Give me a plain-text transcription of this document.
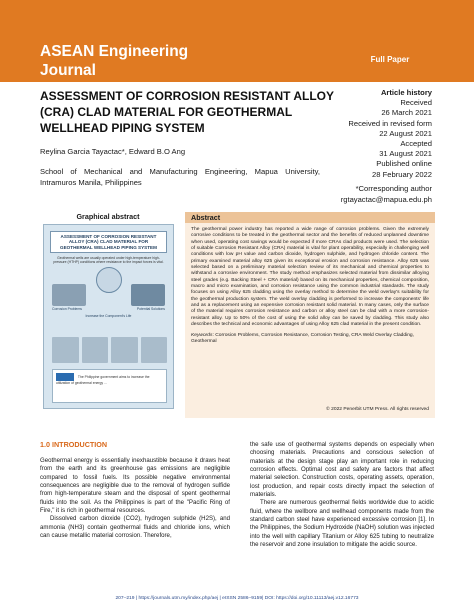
ASEAN Engineering
Journal
Full Paper
ASSESSMENT OF CORROSION RESISTANT ALLOY (CRA) CLAD MATERIAL FOR GEOTHERMAL WELLHEAD PIPING SYSTEM
Reylina Garcia Tayactac*, Edward B.O Ang
School of Mechanical and Manufacturing Engineering, Mapua University, Intramuros Manila, Philippines
Article history
Received
26 March 2021
Received in revised form
22 August 2021
Accepted
31 August 2021
Published online
28 February 2022
*Corresponding author
rgtayactac@mapua.edu.ph
Graphical abstract
ASSESSMENT OF CORROSION RESISTANT ALLOY (CRA) CLAD MATERIAL FOR GEOTHERMAL WELLHEAD PIPING SYSTEM
Geothermal wells are usually operated under high-temperature high-pressure (HTHP) conditions where resistance to the impact forces is vital.
Corrosion Problems	Potential Solutions
Increase the Component's Life
The Philippine government aims to increase the utilization of geothermal energy ...
Abstract
The geothermal power industry has reported a wide range of corrosion problems. Given the extremely corrosive conditions to be treated in the geothermal sector and the benefits of reduced unplanned downtime when used, operating cost savings would be expected if more CRAs clad products were used. The selection of suitable Corrosion Resistant Alloy (CRA) material is vital for plant operability, especially in challenging well conditions with low pH value and carbon dioxide, hydrogen sulphide, and hydrogen chloride content. The primary examined material alloy 625 given its exceptional erosion and corrosion resistance. Alloy 625 was selected based on a preliminary material selection review of its mechanical and chemical properties to withstand a corrosive environment. The study method emphasizes selected material from dissimilar alloying steel grades (e.g. Backing Steel + CRA material) based on its mechanical properties, chemical composition, macro and micro examination, and corrosion resistance using the common industrial standards. The study focuses on using Alloy 625 cladding using the overlay method to determine the weld overlay's suitability for the geothermal production system. The weld overlay cladding is performed to increase the components' life and as a replacement using an expensive corrosion resistant solid material. In many cases, only the surface of the material requires corrosion resistance and carbon or alloy steel can be clad with a more corrosion-resistant alloy. Up to 50% of the cost of using the solid alloy can be saved by cladding. This study also describes the technical and economic advantages of using Alloy 625 clad material in the present condition.
Keywords: Corrosion Problems, Corrosion Resistance, Corrosion Testing, CRA Weld Overlay Cladding, Geothermal
© 2022 Penerbit UTM Press. All rights reserved
1.0 INTRODUCTION

Geothermal energy is essentially inexhaustible because it draws heat from the earth and its greenhouse gas emissions are negligible compared to fossil fuels. Its possible negative environmental consequences are negligible due to the removal of hydrogen sulfide from high-temperature steam and the disposal of spent geothermal fluids into the soil. As the Philippines is part of the "Pacific Ring of Fire," it is rich in geothermal resources.

Dissolved carbon dioxide (CO2), hydrogen sulphide (H2S), and ammonia (NH3) contain geothermal fluids and chloride ions, which can cause metallic material corrosion. Therefore,

the safe use of geothermal systems depends on especially when choosing materials. Precautions and conscious selection of materials at the design stage play an important role in reducing corrosion effects. Optimal cost and safety are factors that affect material selection. Construction costs, operating assets, operation, lost production, and repair costs directly impact the selection of materials.

There are numerous geothermal fields worldwide due to acidic fluid, where the wellbore and wellhead components made from the standard carbon steel have experienced excessive corrosion [1]. In the Philippines, the Sodium Hydroxide (NaOH) solution was injected into the well with capillary Titanium or Alloy 625 tubing to neutralize the reservoir and zone insulation to mitigate the acidic source.

207–219 | https://journals.utm.my/index.php/aej | eISSN 2586–9159| DOI: https://doi.org/10.11113/aej.v12.16773
